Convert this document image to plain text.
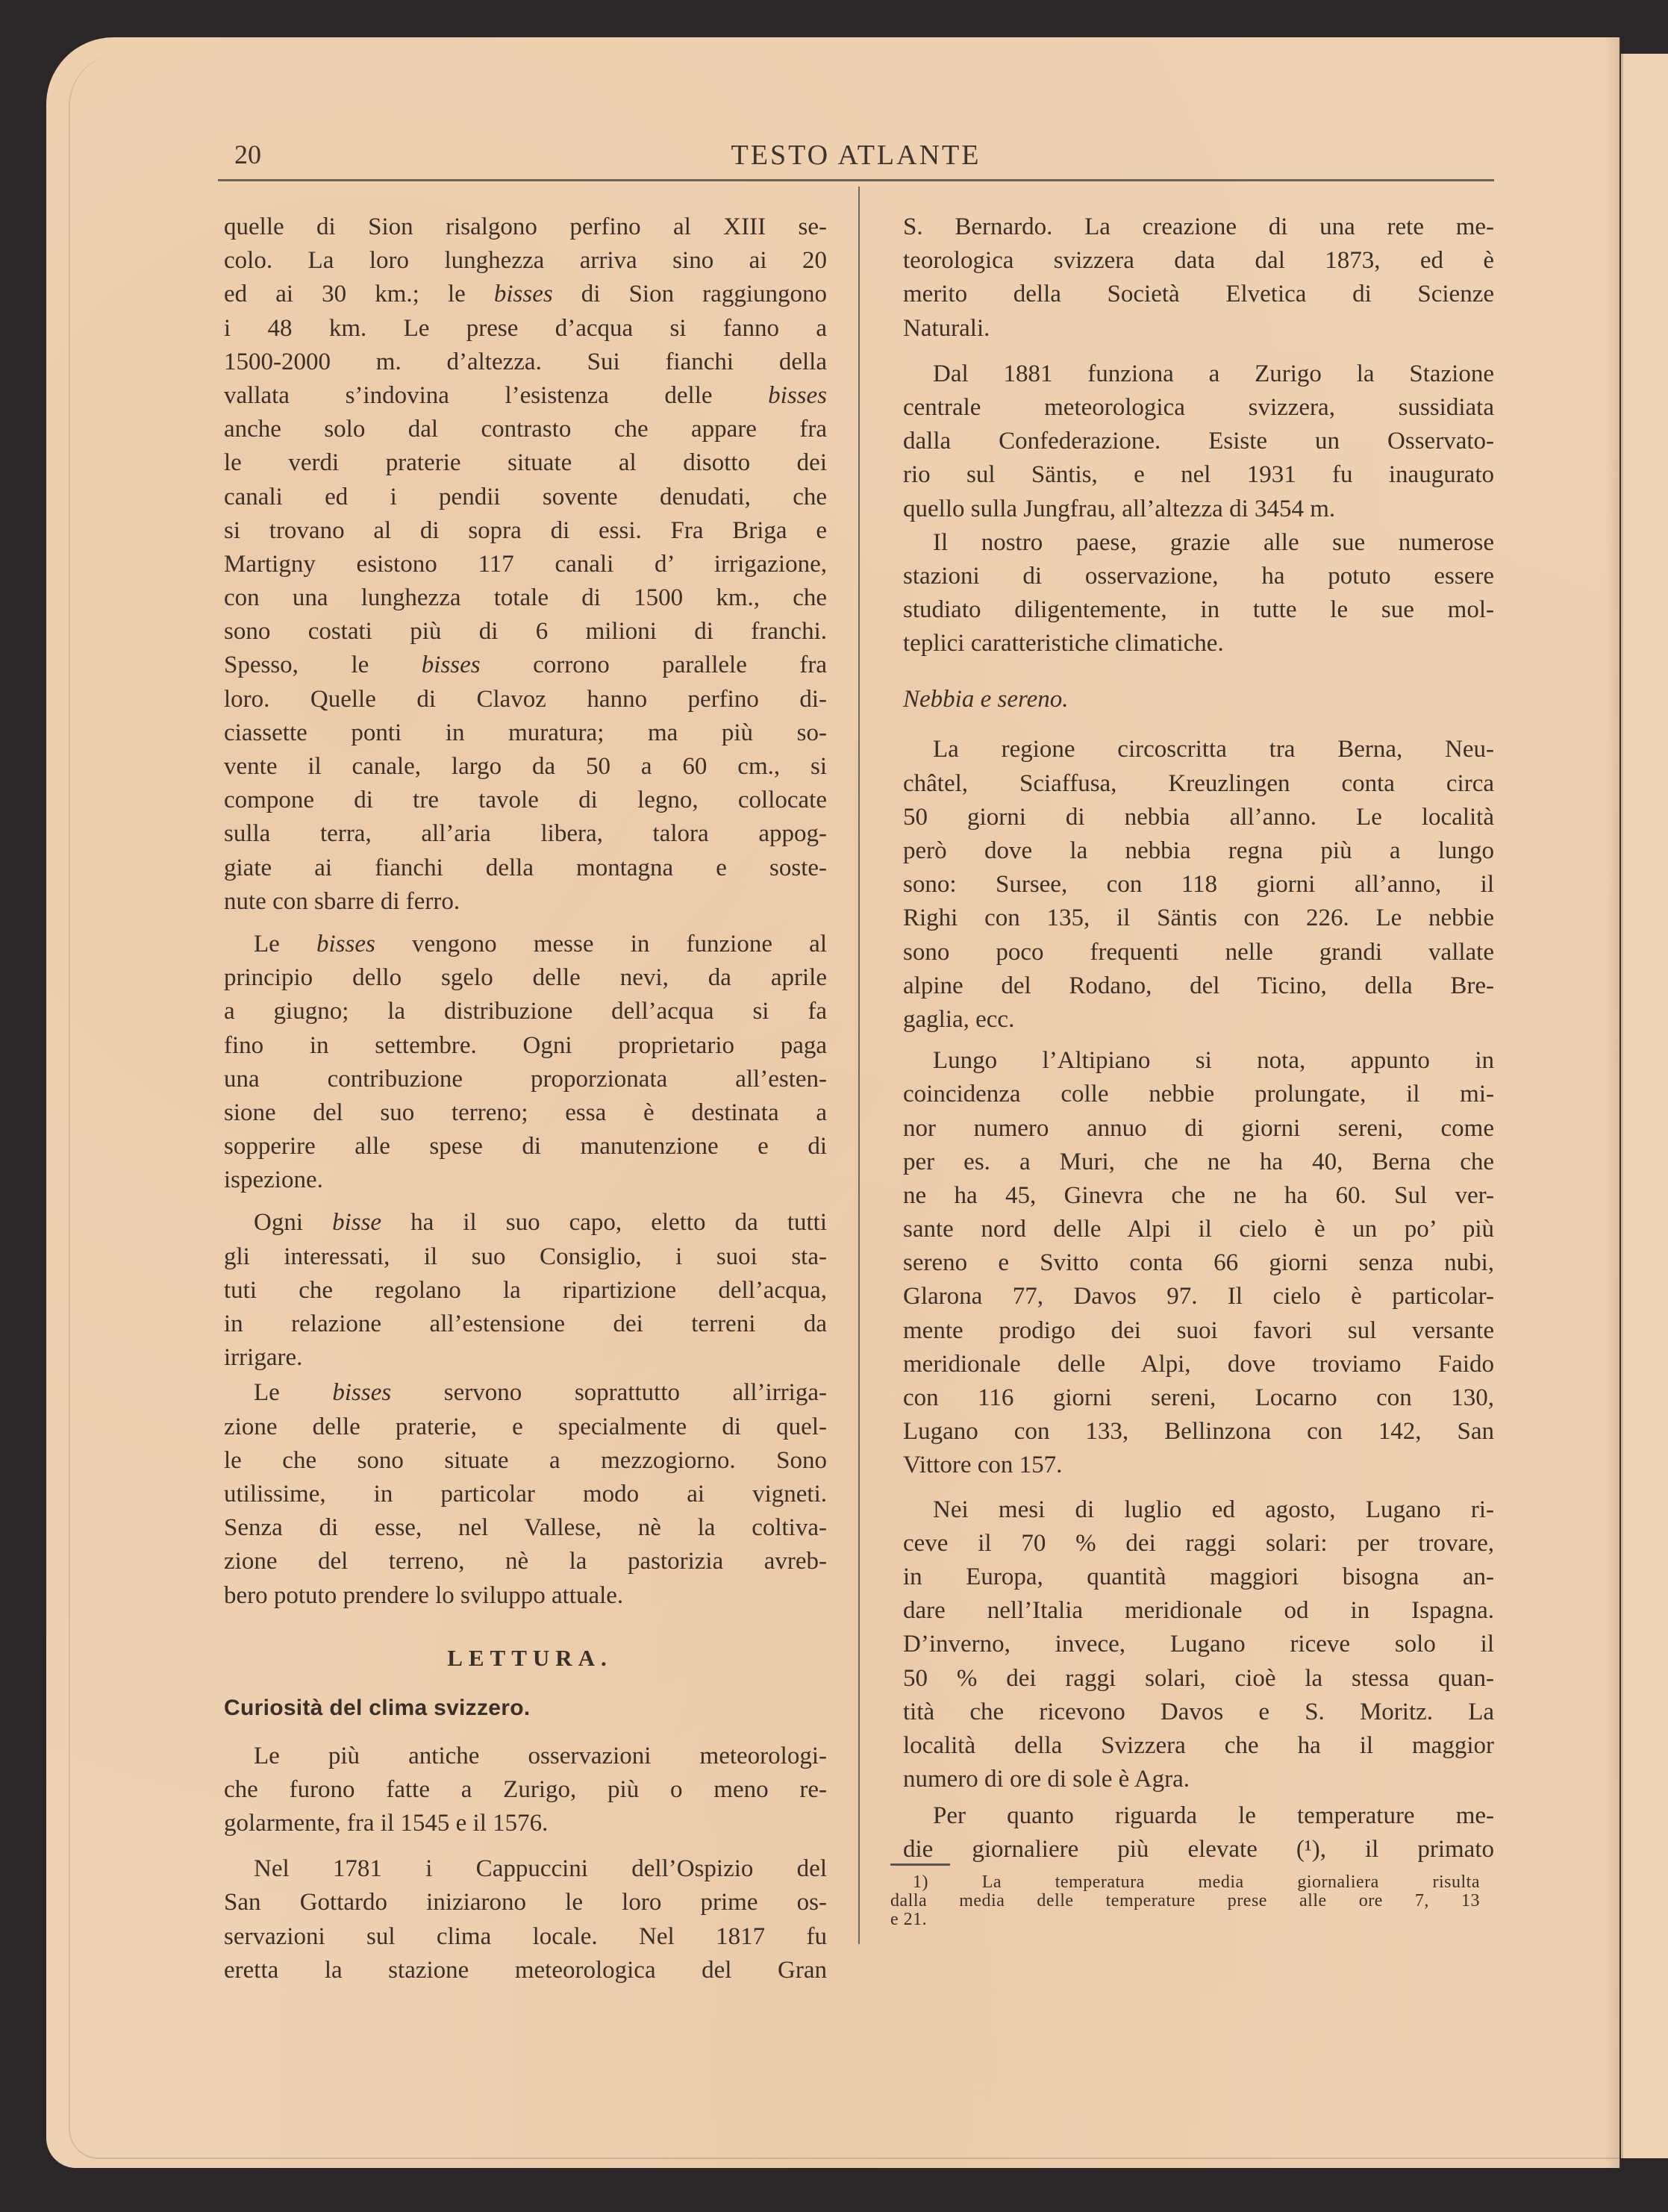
20	TESTO ATLANTE
quelle di Sion risalgono perfino al XIII se-
colo. La loro lunghezza arriva sino ai 20
ed ai 30 km.; le bisses di Sion raggiungono
i 48 km. Le prese d’acqua si fanno a
1500-2000 m. d’altezza. Sui fianchi della
vallata s’indovina l’esistenza delle bisses
anche solo dal contrasto che appare fra
le verdi praterie situate al disotto dei
canali ed i pendii sovente denudati, che
si trovano al di sopra di essi. Fra Briga e
Martigny esistono 117 canali d’ irrigazione,
con una lunghezza totale di 1500 km., che
sono costati più di 6 milioni di franchi.
Spesso, le bisses corrono parallele fra
loro. Quelle di Clavoz hanno perfino di-
ciassette ponti in muratura; ma più so-
vente il canale, largo da 50 a 60 cm., si
compone di tre tavole di legno, collocate
sulla terra, all’aria libera, talora appog-
giate ai fianchi della montagna e soste-
nute con sbarre di ferro.
Le bisses vengono messe in funzione al
principio dello sgelo delle nevi, da aprile
a giugno; la distribuzione dell’acqua si fa
fino in settembre. Ogni proprietario paga
una contribuzione proporzionata all’esten-
sione del suo terreno; essa è destinata a
sopperire alle spese di manutenzione e di
ispezione.
Ogni bisse ha il suo capo, eletto da tutti
gli interessati, il suo Consiglio, i suoi sta-
tuti che regolano la ripartizione dell’acqua,
in relazione all’estensione dei terreni da
irrigare.
Le bisses servono soprattutto all’irriga-
zione delle praterie, e specialmente di quel-
le che sono situate a mezzogiorno. Sono
utilissime, in particolar modo ai vigneti.
Senza di esse, nel Vallese, nè la coltiva-
zione del terreno, nè la pastorizia avreb-
bero potuto prendere lo sviluppo attuale.
LETTURA.
Curiosità del clima svizzero.
Le più antiche osservazioni meteorologi-
che furono fatte a Zurigo, più o meno re-
golarmente, fra il 1545 e il 1576.
Nel 1781 i Cappuccini dell’Ospizio del
San Gottardo iniziarono le loro prime os-
servazioni sul clima locale. Nel 1817 fu
eretta la stazione meteorologica del Gran
S. Bernardo. La creazione di una rete me-
teorologica svizzera data dal 1873, ed è
merito della Società Elvetica di Scienze
Naturali.
Dal 1881 funziona a Zurigo la Stazione
centrale meteorologica svizzera, sussidiata
dalla Confederazione. Esiste un Osservato-
rio sul Säntis, e nel 1931 fu inaugurato
quello sulla Jungfrau, all’altezza di 3454 m.
Il nostro paese, grazie alle sue numerose
stazioni di osservazione, ha potuto essere
studiato diligentemente, in tutte le sue mol-
teplici caratteristiche climatiche.
Nebbia e sereno.
La regione circoscritta tra Berna, Neu-
châtel, Sciaffusa, Kreuzlingen conta circa
50 giorni di nebbia all’anno. Le località
però dove la nebbia regna più a lungo
sono: Sursee, con 118 giorni all’anno, il
Righi con 135, il Säntis con 226. Le nebbie
sono poco frequenti nelle grandi vallate
alpine del Rodano, del Ticino, della Bre-
gaglia, ecc.
Lungo l’Altipiano si nota, appunto in
coincidenza colle nebbie prolungate, il mi-
nor numero annuo di giorni sereni, come
per es. a Muri, che ne ha 40, Berna che
ne ha 45, Ginevra che ne ha 60. Sul ver-
sante nord delle Alpi il cielo è un po’ più
sereno e Svitto conta 66 giorni senza nubi,
Glarona 77, Davos 97. Il cielo è particolar-
mente prodigo dei suoi favori sul versante
meridionale delle Alpi, dove troviamo Faido
con 116 giorni sereni, Locarno con 130,
Lugano con 133, Bellinzona con 142, San
Vittore con 157.
Nei mesi di luglio ed agosto, Lugano ri-
ceve il 70 % dei raggi solari: per trovare,
in Europa, quantità maggiori bisogna an-
dare nell’Italia meridionale od in Ispagna.
D’inverno, invece, Lugano riceve solo il
50 % dei raggi solari, cioè la stessa quan-
tità che ricevono Davos e S. Moritz. La
località della Svizzera che ha il maggior
numero di ore di sole è Agra.
Per quanto riguarda le temperature me-
die giornaliere più elevate (¹), il primato
1) La temperatura media giornaliera risulta
dalla media delle temperature prese alle ore 7, 13
e 21.
